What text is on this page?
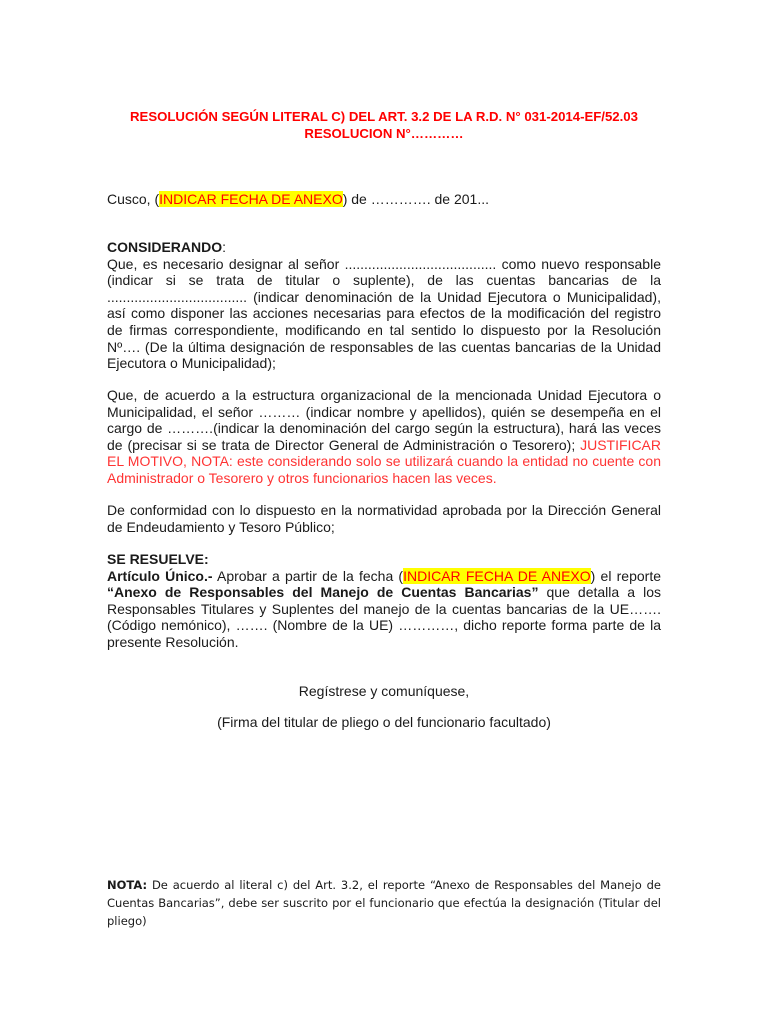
RESOLUCIÓN SEGÚN LITERAL C) DEL ART. 3.2 DE LA R.D. N° 031-2014-EF/52.03
RESOLUCION N°…………

Cusco, (INDICAR FECHA DE ANEXO) de …………. de 201...

CONSIDERANDO:

Que, es necesario designar al señor ....................................... como nuevo responsable (indicar si se trata de titular o suplente), de las cuentas bancarias de la .................................... (indicar denominación de la Unidad Ejecutora o Municipalidad), así como disponer las acciones necesarias para efectos de la modificación del registro de firmas correspondiente, modificando en tal sentido lo dispuesto por la Resolución Nº…. (De la última designación de responsables de las cuentas bancarias de la Unidad Ejecutora o Municipalidad);

Que, de acuerdo a la estructura organizacional de la mencionada Unidad Ejecutora o Municipalidad, el señor ……… (indicar nombre y apellidos), quién se desempeña en el cargo de ……….(indicar la denominación del cargo según la estructura), hará las veces de (precisar si se trata de Director General de Administración o Tesorero); JUSTIFICAR EL MOTIVO, NOTA: este considerando solo se utilizará cuando la entidad no cuente con Administrador o Tesorero y otros funcionarios hacen las veces.

De conformidad con lo dispuesto en la normatividad aprobada por la Dirección General de Endeudamiento y Tesoro Público;

SE RESUELVE:

Artículo Único.- Aprobar a partir de la fecha (INDICAR FECHA DE ANEXO) el reporte “Anexo de Responsables del Manejo de Cuentas Bancarias” que detalla a los Responsables Titulares y Suplentes del manejo de la cuentas bancarias de la UE……. (Código nemónico), ……. (Nombre de la UE) …………, dicho reporte forma parte de la presente Resolución.

Regístrese y comuníquese,

(Firma del titular de pliego o del funcionario facultado)

NOTA: De acuerdo al literal c) del Art. 3.2, el reporte “Anexo de Responsables del Manejo de Cuentas Bancarias”, debe ser suscrito por el funcionario que efectúa la designación (Titular del pliego)
